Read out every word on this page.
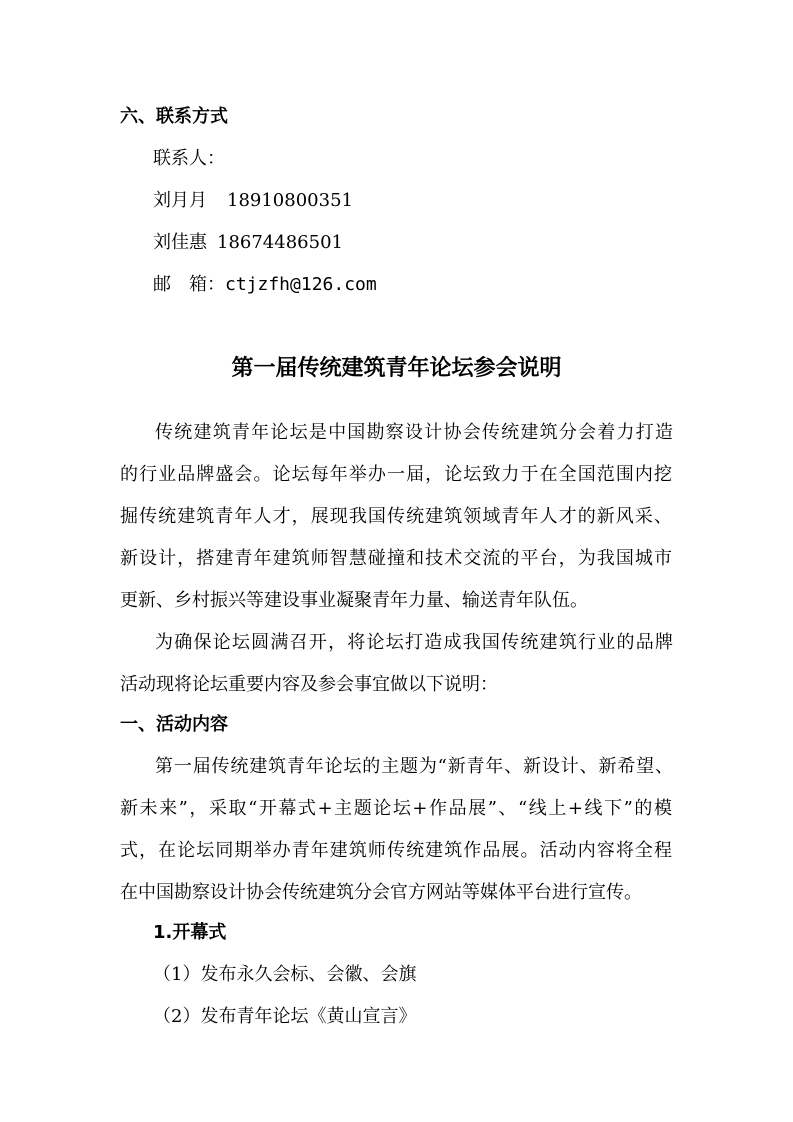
六、联系方式
联系人：
刘月月 18910800351
刘佳惠 18674486501
邮　箱：ctjzfh@126.com
第一届传统建筑青年论坛参会说明
传统建筑青年论坛是中国勘察设计协会传统建筑分会着力打造
的行业品牌盛会。论坛每年举办一届，论坛致力于在全国范围内挖
掘传统建筑青年人才，展现我国传统建筑领域青年人才的新风采、
新设计，搭建青年建筑师智慧碰撞和技术交流的平台，为我国城市
更新、乡村振兴等建设事业凝聚青年力量、输送青年队伍。
为确保论坛圆满召开，将论坛打造成我国传统建筑行业的品牌
活动现将论坛重要内容及参会事宜做以下说明：
一、活动内容
第一届传统建筑青年论坛的主题为“新青年、新设计、新希望、
新未来”，采取“开幕式+主题论坛+作品展”、“线上+线下”的模
式，在论坛同期举办青年建筑师传统建筑作品展。活动内容将全程
在中国勘察设计协会传统建筑分会官方网站等媒体平台进行宣传。
1.开幕式
（1）发布永久会标、会徽、会旗
（2）发布青年论坛《黄山宣言》
